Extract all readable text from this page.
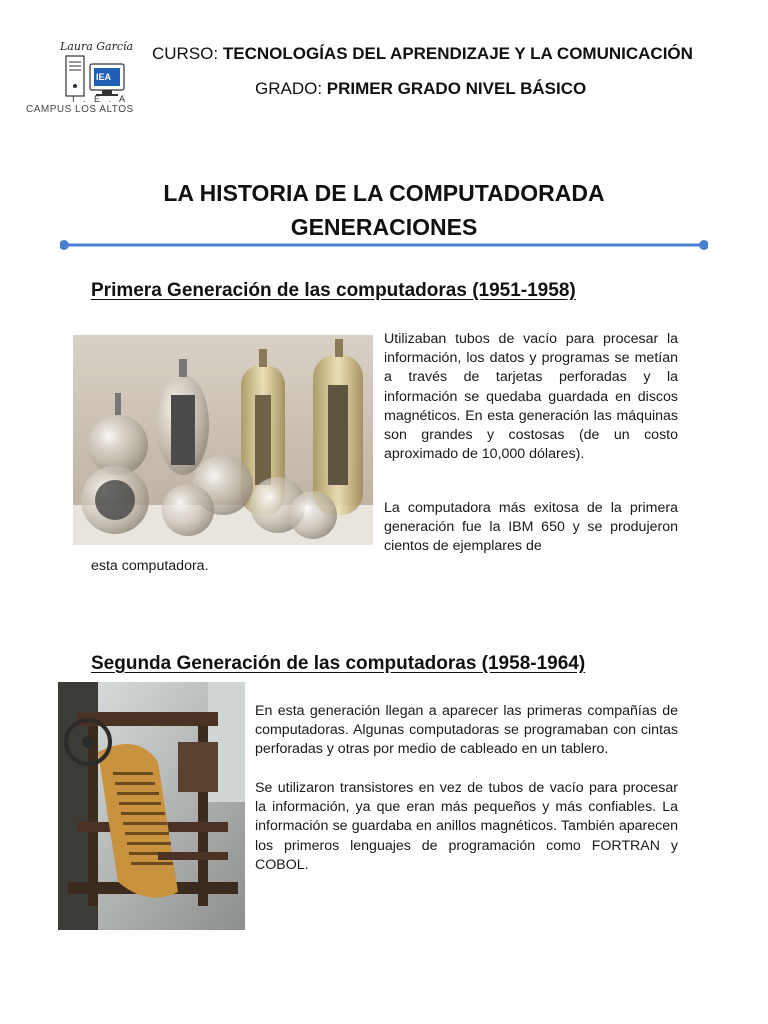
Laura García
IEA
I . E . A
CAMPUS LOS ALTOS
CURSO: TECNOLOGÍAS DEL APRENDIZAJE Y LA COMUNICACIÓN
GRADO: PRIMER GRADO NIVEL BÁSICO
LA HISTORIA DE LA COMPUTADORADA
GENERACIONES
Primera Generación de las computadoras (1951-1958)
Utilizaban tubos de vacío para procesar la información, los datos y programas se metían a través de tarjetas perforadas y la información se quedaba guardada en discos magnéticos. En esta generación las máquinas son grandes y costosas (de un costo aproximado de 10,000 dólares).
La computadora más exitosa de la primera generación fue la IBM 650 y se produjeron cientos de ejemplares de
esta computadora.
Segunda Generación de las computadoras (1958-1964)
En esta generación llegan a aparecer las primeras compañías de computadoras. Algunas computadoras se programaban con cintas perforadas y otras por medio de cableado en un tablero.
Se utilizaron transistores en vez de tubos de vacío para procesar la información, ya que eran más pequeños y más confiables. La información se guardaba en anillos magnéticos. También aparecen los primeros lenguajes de programación como FORTRAN y COBOL.
